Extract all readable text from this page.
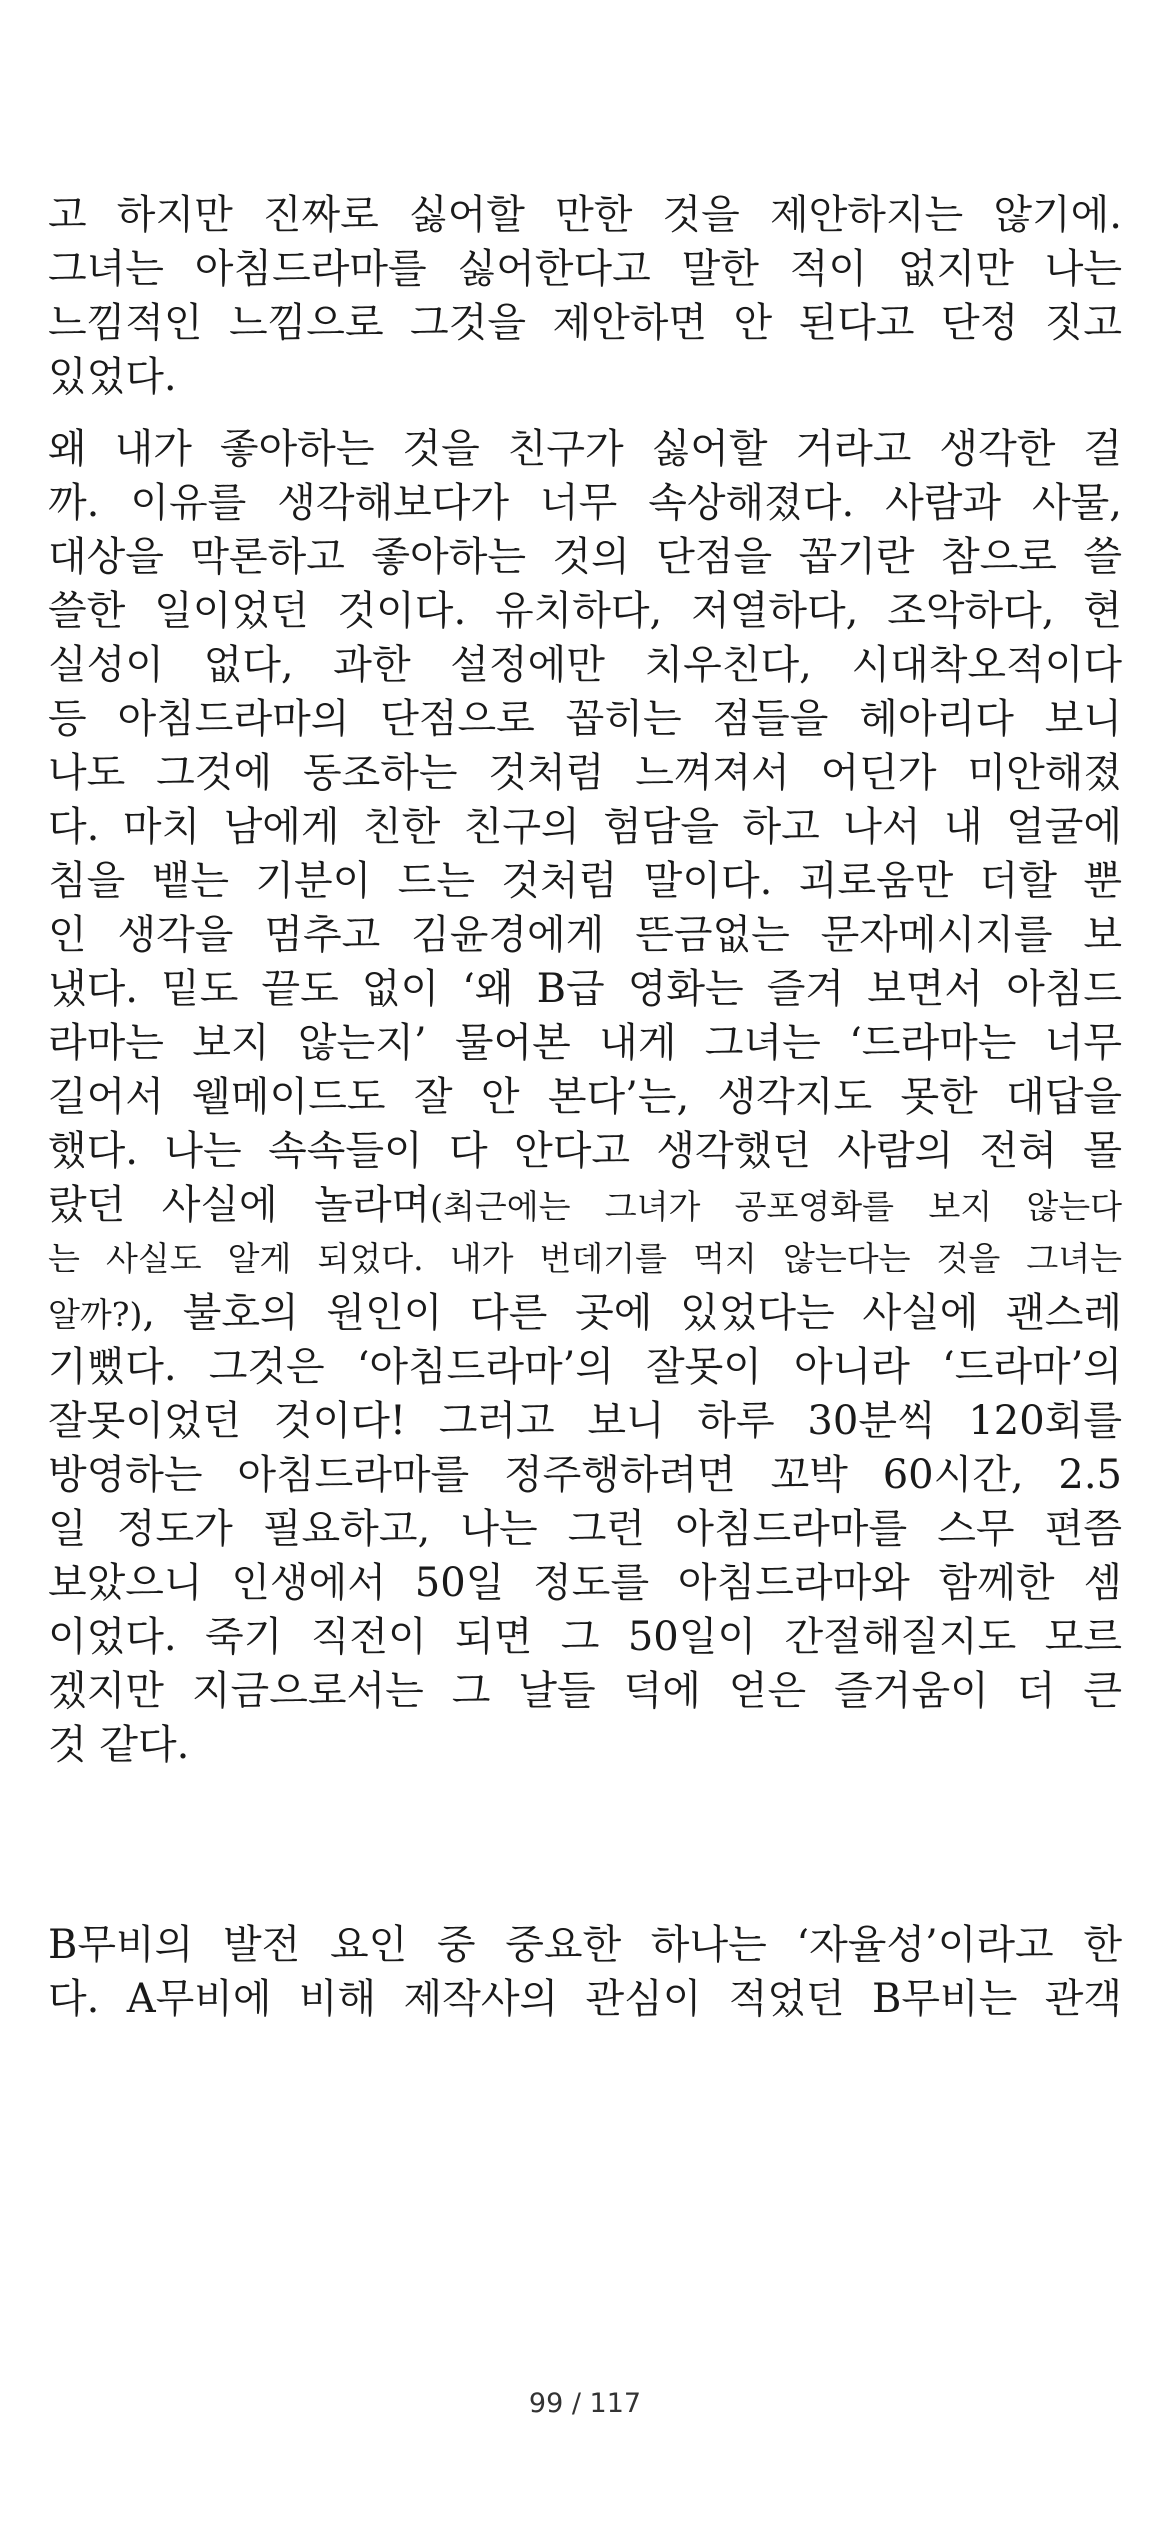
고 하지만 진짜로 싫어할 만한 것을 제안하지는 않기에.
그녀는 아침드라마를 싫어한다고 말한 적이 없지만 나는
느낌적인 느낌으로 그것을 제안하면 안 된다고 단정 짓고
있었다.
왜 내가 좋아하는 것을 친구가 싫어할 거라고 생각한 걸
까. 이유를 생각해보다가 너무 속상해졌다. 사람과 사물,
대상을 막론하고 좋아하는 것의 단점을 꼽기란 참으로 쓸
쓸한 일이었던 것이다. 유치하다, 저열하다, 조악하다, 현
실성이 없다, 과한 설정에만 치우친다, 시대착오적이다
등 아침드라마의 단점으로 꼽히는 점들을 헤아리다 보니
나도 그것에 동조하는 것처럼 느껴져서 어딘가 미안해졌
다. 마치 남에게 친한 친구의 험담을 하고 나서 내 얼굴에
침을 뱉는 기분이 드는 것처럼 말이다. 괴로움만 더할 뿐
인 생각을 멈추고 김윤경에게 뜬금없는 문자메시지를 보
냈다. 밑도 끝도 없이 ‘왜 B급 영화는 즐겨 보면서 아침드
라마는 보지 않는지’ 물어본 내게 그녀는 ‘드라마는 너무
길어서 웰메이드도 잘 안 본다’는, 생각지도 못한 대답을
했다. 나는 속속들이 다 안다고 생각했던 사람의 전혀 몰
랐던 사실에 놀라며(최근에는 그녀가 공포영화를 보지 않는다
는 사실도 알게 되었다. 내가 번데기를 먹지 않는다는 것을 그녀는
알까?), 불호의 원인이 다른 곳에 있었다는 사실에 괜스레
기뻤다. 그것은 ‘아침드라마’의 잘못이 아니라 ‘드라마’의
잘못이었던 것이다! 그러고 보니 하루 30분씩 120회를
방영하는 아침드라마를 정주행하려면 꼬박 60시간, 2.5
일 정도가 필요하고, 나는 그런 아침드라마를 스무 편쯤
보았으니 인생에서 50일 정도를 아침드라마와 함께한 셈
이었다. 죽기 직전이 되면 그 50일이 간절해질지도 모르
겠지만 지금으로서는 그 날들 덕에 얻은 즐거움이 더 큰
것 같다.
B무비의 발전 요인 중 중요한 하나는 ‘자율성’이라고 한
다. A무비에 비해 제작사의 관심이 적었던 B무비는 관객
99 / 117
